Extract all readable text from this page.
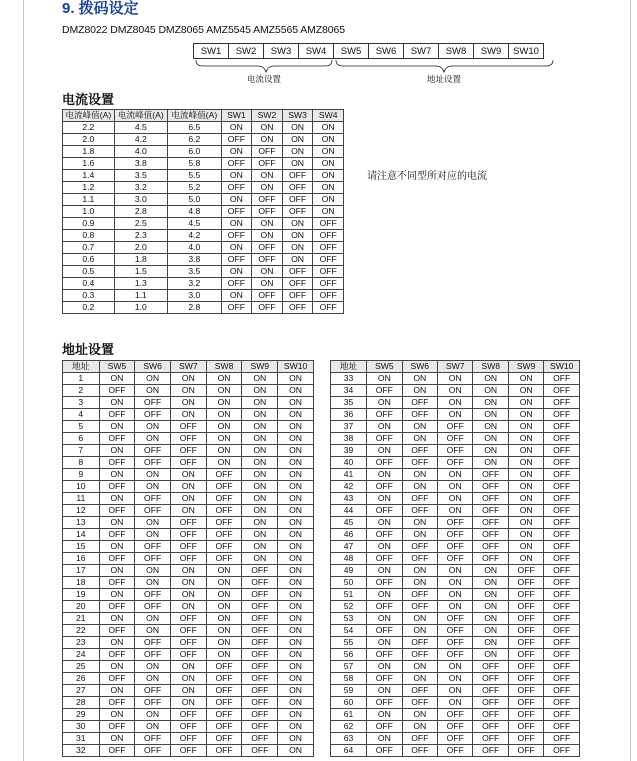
9. 拨码设定
DMZ8022 DMZ8045 DMZ8065 AMZ5545 AMZ5565 AMZ8065
SW1	SW2	SW3	SW4	SW5	SW6	SW7	SW8	SW9	SW10
电流设置	地址设置
电流设置
电流峰值(A)	电流峰值(A)	电流峰值(A)	SW1	SW2	SW3	SW4
2.2	4.5	6.5	ON	ON	ON	ON
2.0	4.2	6.2	OFF	ON	ON	ON
1.8	4.0	6.0	ON	OFF	ON	ON
1.6	3.8	5.8	OFF	OFF	ON	ON
1.4	3.5	5.5	ON	ON	OFF	ON
1.2	3.2	5.2	OFF	ON	OFF	ON
1.1	3.0	5.0	ON	OFF	OFF	ON
1.0	2.8	4.8	OFF	OFF	OFF	ON
0.9	2.5	4.5	ON	ON	ON	OFF
0.8	2.3	4.2	OFF	ON	ON	OFF
0.7	2.0	4.0	ON	OFF	ON	OFF
0.6	1.8	3.8	OFF	OFF	ON	OFF
0.5	1.5	3.5	ON	ON	OFF	OFF
0.4	1.3	3.2	OFF	ON	OFF	OFF
0.3	1.1	3.0	ON	OFF	OFF	OFF
0.2	1.0	2.8	OFF	OFF	OFF	OFF
请注意不同型所对应的电流
地址设置
地址	SW5	SW6	SW7	SW8	SW9	SW10
1	ON	ON	ON	ON	ON	ON
2	OFF	ON	ON	ON	ON	ON
3	ON	OFF	ON	ON	ON	ON
4	OFF	OFF	ON	ON	ON	ON
5	ON	ON	OFF	ON	ON	ON
6	OFF	ON	OFF	ON	ON	ON
7	ON	OFF	OFF	ON	ON	ON
8	OFF	OFF	OFF	ON	ON	ON
9	ON	ON	ON	OFF	ON	ON
10	OFF	ON	ON	OFF	ON	ON
11	ON	OFF	ON	OFF	ON	ON
12	OFF	OFF	ON	OFF	ON	ON
13	ON	ON	OFF	OFF	ON	ON
14	OFF	ON	OFF	OFF	ON	ON
15	ON	OFF	OFF	OFF	ON	ON
16	OFF	OFF	OFF	OFF	ON	ON
17	ON	ON	ON	ON	OFF	ON
18	OFF	ON	ON	ON	OFF	ON
19	ON	OFF	ON	ON	OFF	ON
20	OFF	OFF	ON	ON	OFF	ON
21	ON	ON	OFF	ON	OFF	ON
22	OFF	ON	OFF	ON	OFF	ON
23	ON	OFF	OFF	ON	OFF	ON
24	OFF	OFF	OFF	ON	OFF	ON
25	ON	ON	ON	OFF	OFF	ON
26	OFF	ON	ON	OFF	OFF	ON
27	ON	OFF	ON	OFF	OFF	ON
28	OFF	OFF	ON	OFF	OFF	ON
29	ON	ON	OFF	OFF	OFF	ON
30	OFF	ON	OFF	OFF	OFF	ON
31	ON	OFF	OFF	OFF	OFF	ON
32	OFF	OFF	OFF	OFF	OFF	ON
地址	SW5	SW6	SW7	SW8	SW9	SW10
33	ON	ON	ON	ON	ON	OFF
34	OFF	ON	ON	ON	ON	OFF
35	ON	OFF	ON	ON	ON	OFF
36	OFF	OFF	ON	ON	ON	OFF
37	ON	ON	OFF	ON	ON	OFF
38	OFF	ON	OFF	ON	ON	OFF
39	ON	OFF	OFF	ON	ON	OFF
40	OFF	OFF	OFF	ON	ON	OFF
41	ON	ON	ON	OFF	ON	OFF
42	OFF	ON	ON	OFF	ON	OFF
43	ON	OFF	ON	OFF	ON	OFF
44	OFF	OFF	ON	OFF	ON	OFF
45	ON	ON	OFF	OFF	ON	OFF
46	OFF	ON	OFF	OFF	ON	OFF
47	ON	OFF	OFF	OFF	ON	OFF
48	OFF	OFF	OFF	OFF	ON	OFF
49	ON	ON	ON	ON	OFF	OFF
50	OFF	ON	ON	ON	OFF	OFF
51	ON	OFF	ON	ON	OFF	OFF
52	OFF	OFF	ON	ON	OFF	OFF
53	ON	ON	OFF	ON	OFF	OFF
54	OFF	ON	OFF	ON	OFF	OFF
55	ON	OFF	OFF	ON	OFF	OFF
56	OFF	OFF	OFF	ON	OFF	OFF
57	ON	ON	ON	OFF	OFF	OFF
58	OFF	ON	ON	OFF	OFF	OFF
59	ON	OFF	ON	OFF	OFF	OFF
60	OFF	OFF	ON	OFF	OFF	OFF
61	ON	ON	OFF	OFF	OFF	OFF
62	OFF	ON	OFF	OFF	OFF	OFF
63	ON	OFF	OFF	OFF	OFF	OFF
64	OFF	OFF	OFF	OFF	OFF	OFF
